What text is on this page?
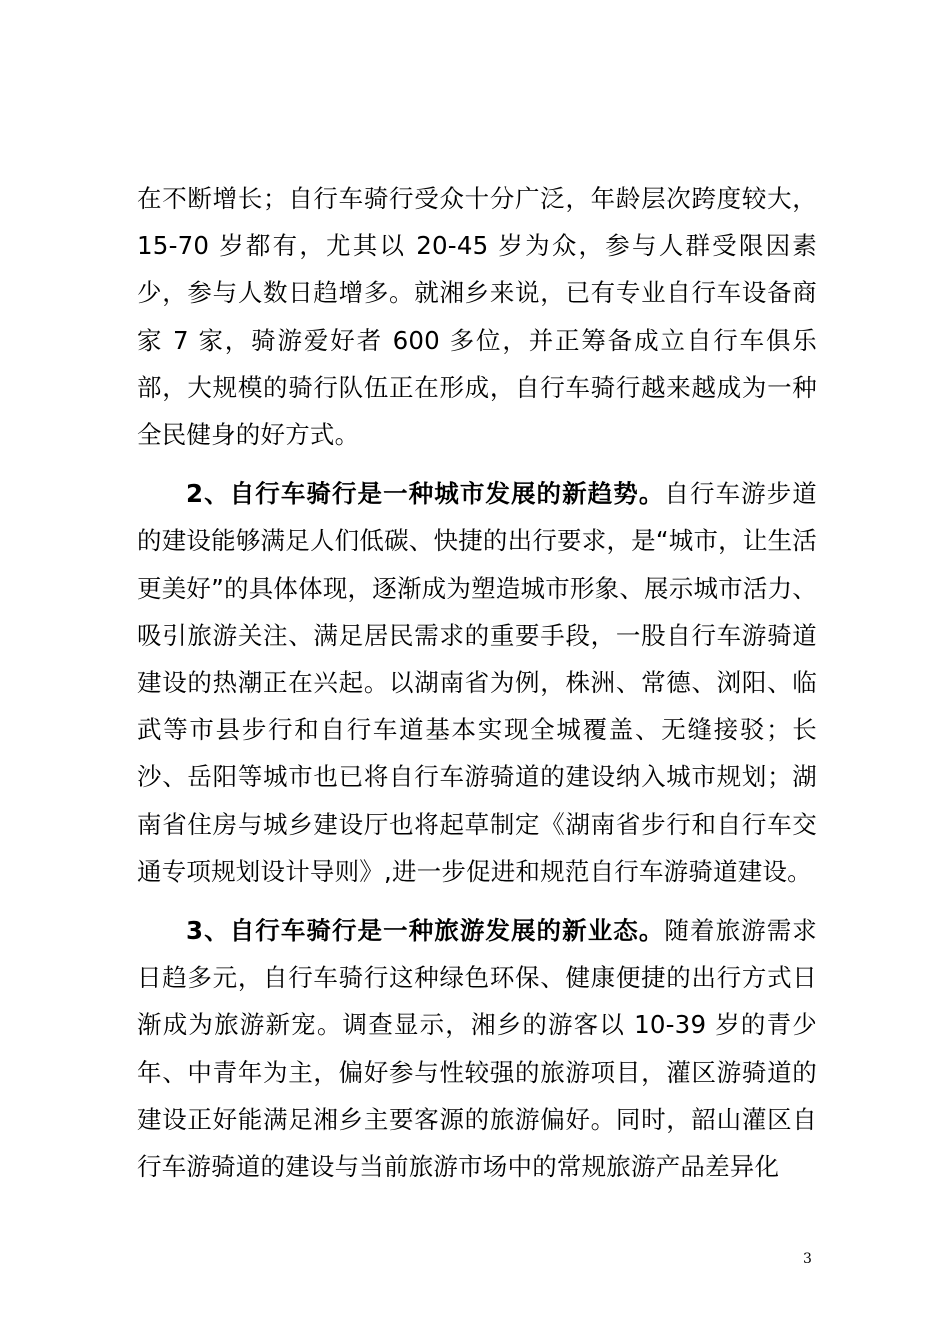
在不断增长；自行车骑行受众十分广泛，年龄层次跨度较大，15-70 岁都有，尤其以 20-45 岁为众，参与人群受限因素少，参与人数日趋增多。就湘乡来说，已有专业自行车设备商家 7 家，骑游爱好者 600 多位，并正筹备成立自行车俱乐部，大规模的骑行队伍正在形成，自行车骑行越来越成为一种全民健身的好方式。

2、自行车骑行是一种城市发展的新趋势。自行车游步道的建设能够满足人们低碳、快捷的出行要求，是“城市，让生活更美好”的具体体现，逐渐成为塑造城市形象、展示城市活力、吸引旅游关注、满足居民需求的重要手段，一股自行车游骑道建设的热潮正在兴起。以湖南省为例，株洲、常德、浏阳、临武等市县步行和自行车道基本实现全城覆盖、无缝接驳；长沙、岳阳等城市也已将自行车游骑道的建设纳入城市规划；湖南省住房与城乡建设厅也将起草制定《湖南省步行和自行车交通专项规划设计导则》,进一步促进和规范自行车游骑道建设。

3、自行车骑行是一种旅游发展的新业态。随着旅游需求日趋多元，自行车骑行这种绿色环保、健康便捷的出行方式日渐成为旅游新宠。调查显示，湘乡的游客以 10-39 岁的青少年、中青年为主，偏好参与性较强的旅游项目，灌区游骑道的建设正好能满足湘乡主要客源的旅游偏好。同时，韶山灌区自行车游骑道的建设与当前旅游市场中的常规旅游产品差异化

3
